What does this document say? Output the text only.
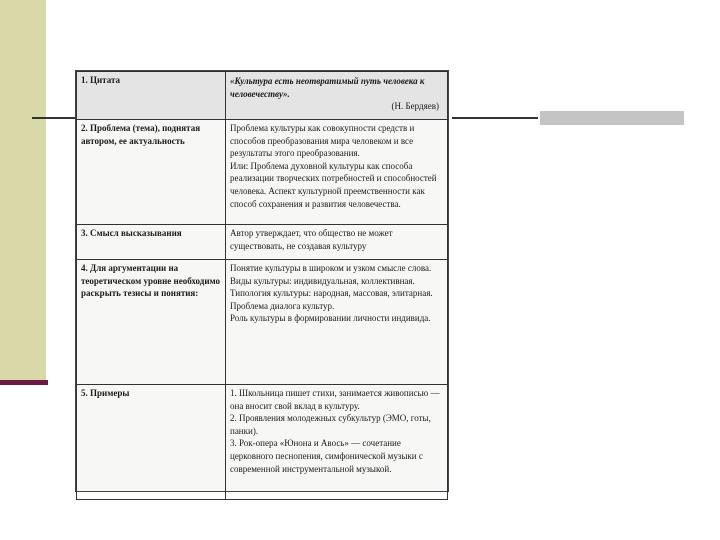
1. Цитата	«Культура есть неотвратимый путь человека к человечеству».
(Н. Бердяев)

2. Проблема (тема), поднятая автором, ее актуальность	Проблема культуры как совокупности средств и способов преобразования мира человеком и все результаты этого преобразования.
Или: Проблема духовной культуры как способа реализации творческих потребностей и способностей человека. Аспект культурной преемственности как способ сохранения и развития человечества.

3. Смысл высказывания	Автор утверждает, что общество не может существовать, не создавая культуру

4. Для аргументации на теоретическом уровне необходимо раскрыть тезисы и понятия:	Понятие культуры в широком и узком смысле слова.
Виды культуры: индивидуальная, коллективная.
Типология культуры: народная, массовая, элитарная.
Проблема диалога культур.
Роль культуры в формировании личности индивида.

5. Примеры	1. Школьница пишет стихи, занимается живописью — она вносит свой вклад в культуру.
2. Проявления молодежных субкультур (ЭМО, готы, панки).
3. Рок-опера «Юнона и Авось» — сочетание церковного песнопения, симфонической музыки с современной инструментальной музыкой.
